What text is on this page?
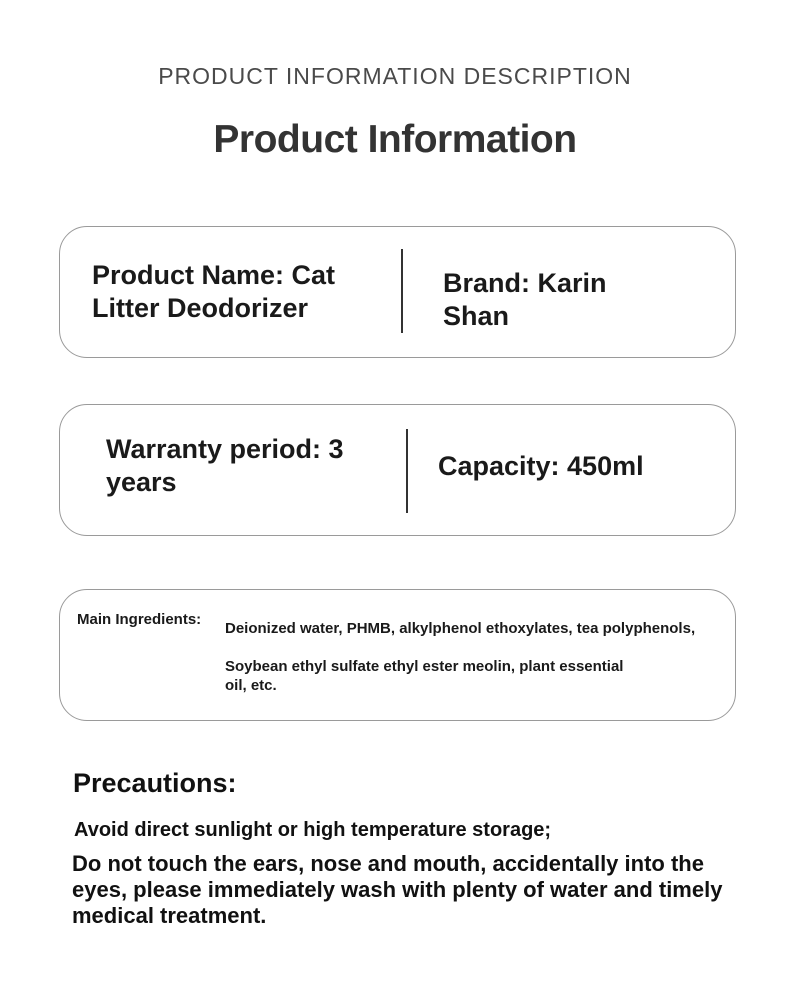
PRODUCT INFORMATION DESCRIPTION
Product Information
Product Name: Cat Litter Deodorizer
Brand: Karin Shan
Warranty period: 3 years
Capacity: 450ml
Main Ingredients:
Deionized water, PHMB, alkylphenol ethoxylates, tea polyphenols,
Soybean ethyl sulfate ethyl ester meolin, plant essential oil, etc.
Precautions:
Avoid direct sunlight or high temperature storage;
Do not touch the ears, nose and mouth, accidentally into the eyes, please immediately wash with plenty of water and timely medical treatment.
